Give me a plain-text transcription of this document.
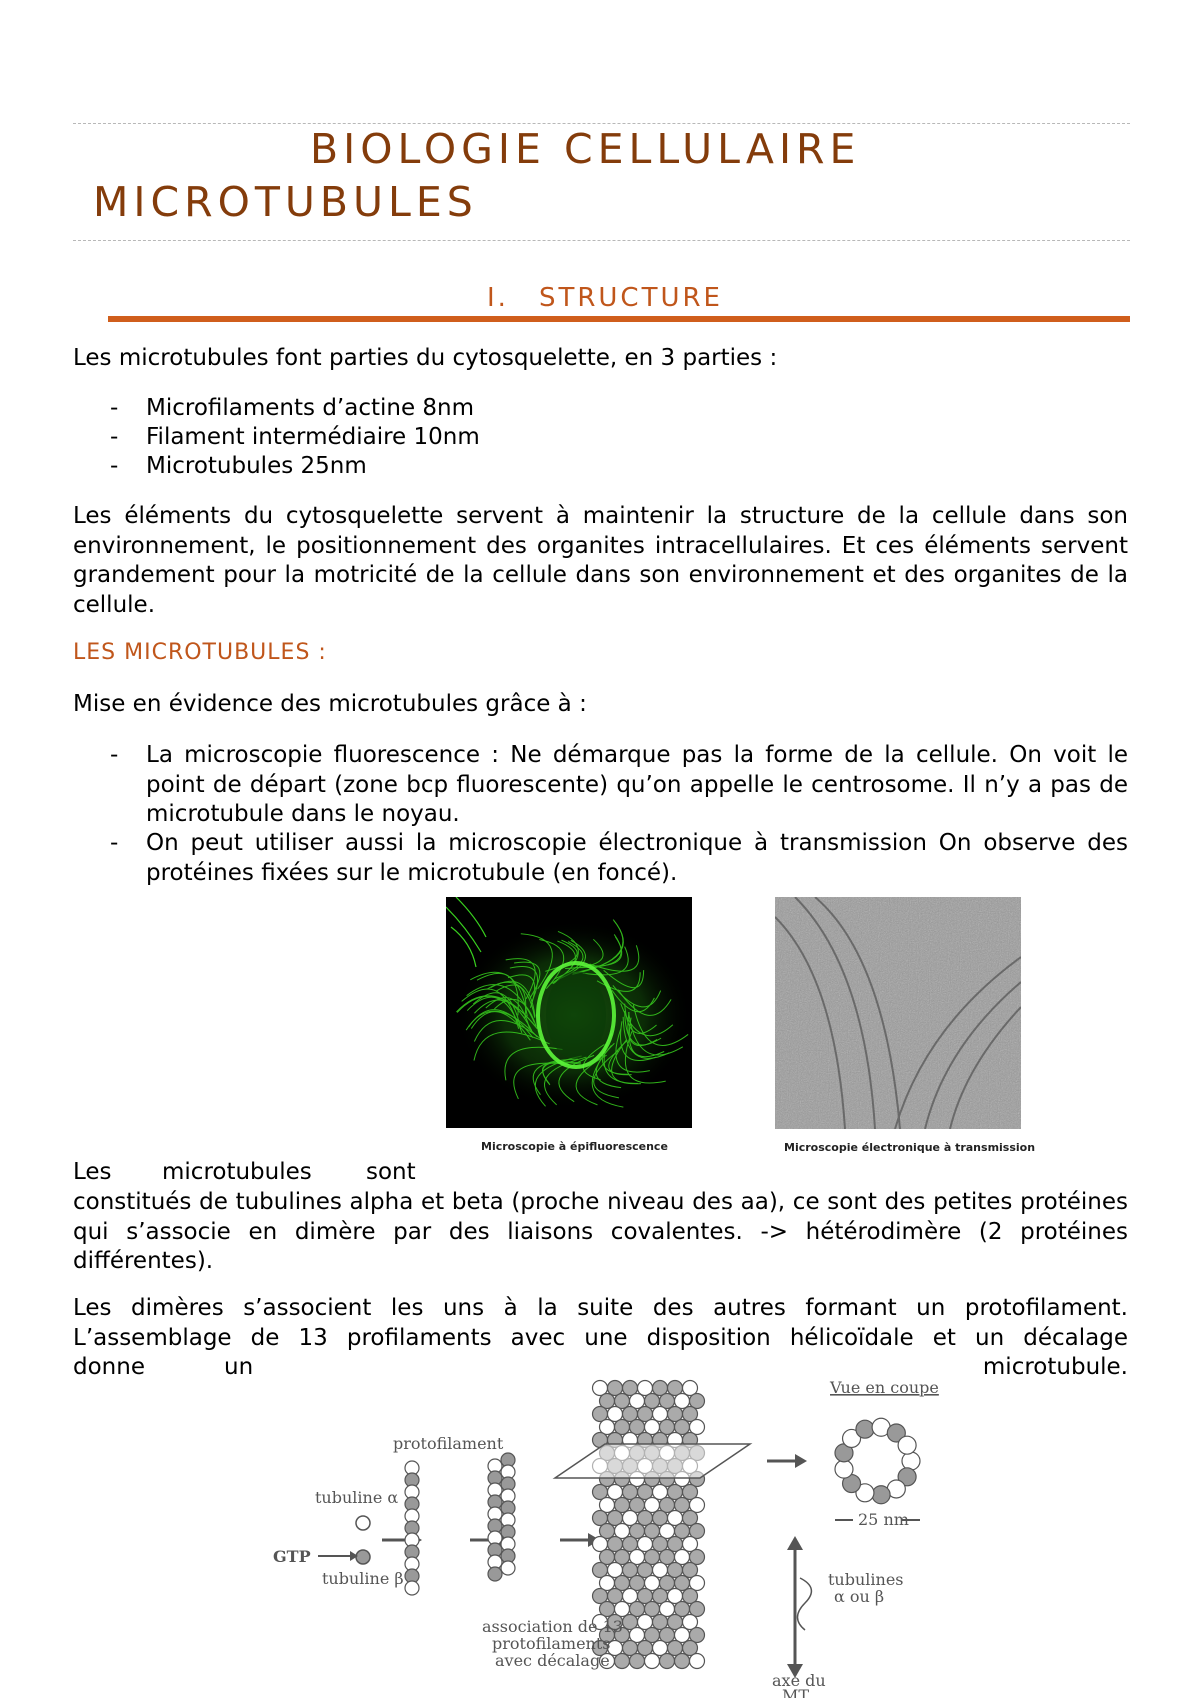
BIOLOGIE CELLULAIRE
MICROTUBULES
I. STRUCTURE
Les microtubules font parties du cytosquelette, en 3 parties :
- Microfilaments d’actine 8nm
- Filament intermédiaire 10nm
- Microtubules 25nm
Les éléments du cytosquelette servent à maintenir la structure de la cellule dans son environnement, le positionnement des organites intracellulaires. Et ces éléments servent grandement pour la motricité de la cellule dans son environnement et des organites de la cellule.
LES MICROTUBULES :
Mise en évidence des microtubules grâce à :
- La microscopie fluorescence : Ne démarque pas la forme de la cellule. On voit le point de départ (zone bcp fluorescente) qu’on appelle le centrosome. Il n’y a pas de microtubule dans le noyau.
- On peut utiliser aussi la microscopie électronique à transmission On observe des protéines fixées sur le microtubule (en foncé).
Microscopie à épifluorescence	Microscopie électronique à transmission
Les microtubules sont
constitués de tubulines alpha et beta (proche niveau des aa), ce sont des petites protéines qui s’associe en dimère par des liaisons covalentes. -> hétérodimère (2 protéines différentes).
Les dimères s’associent les uns à la suite des autres formant un protofilament. L’assemblage de 13 profilaments avec une disposition hélicoïdale et un décalage
donne	un	microtubule.
tubuline α
GTP
tubuline β
protofilament
association de 13
protofilaments
avec décalage
Vue en coupe
25 nm
tubulines
α ou β
axe du
MT
